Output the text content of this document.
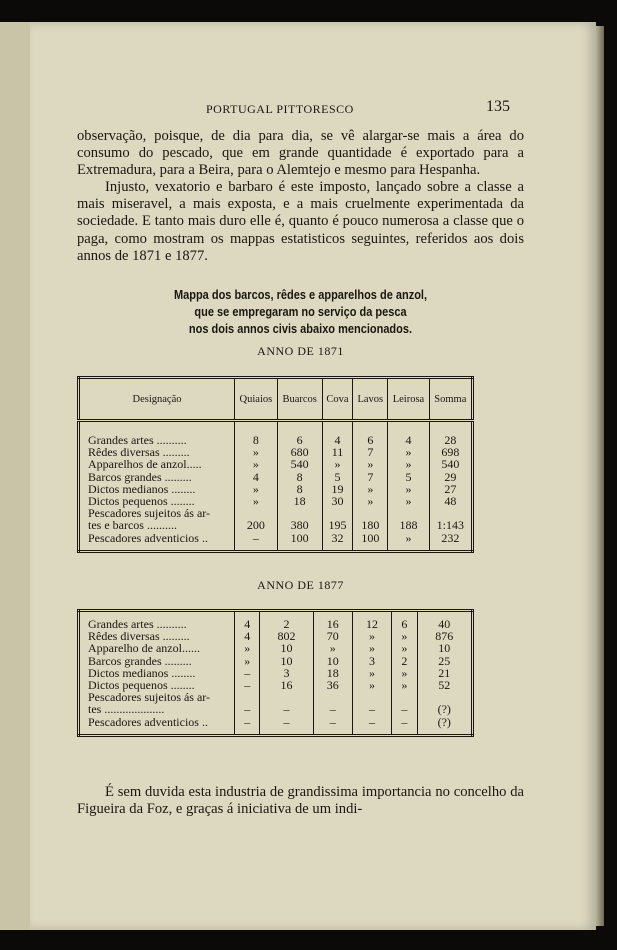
PORTUGAL PITTORESCO	135

observação, poisque, de dia para dia, se vê alargar-se mais a área do consumo do pescado, que em grande quantidade é exportado para a Extremadura, para a Beira, para o Alemtejo e mesmo para Hespanha.

Injusto, vexatorio e barbaro é este imposto, lançado sobre a classe a mais miseravel, a mais exposta, e a mais cruelmente experimentada da sociedade. E tanto mais duro elle é, quanto é pouco numerosa a classe que o paga, como mostram os mappas estatisticos seguintes, referidos aos dois annos de 1871 e 1877.

Mappa dos barcos, rêdes e apparelhos de anzol,
que se empregaram no serviço da pesca
nos dois annos civis abaixo mencionados.
ANNO DE 1871
Designação	Quiaios	Buarcos	Cova	Lavos	Leirosa	Somma

Grandes artes ..........	8	6	4	6	4	28
Rêdes diversas .........	»	680	11	7	»	698
Apparelhos de anzol.....	»	540	»	»	»	540
Barcos grandes .........	4	8	5	7	5	29
Dictos medianos ........	»	8	19	»	»	27
Dictos pequenos ........	»	18	30	»	»	48
Pescadores sujeitos ás ar-						
tes e barcos ..........	200	380	195	180	188	1:143
Pescadores adventicios ..	–	100	32	100	»	232

ANNO DE 1877

Grandes artes ..........	4	2	16	12	6	40
Rêdes diversas .........	4	802	70	»	»	876
Apparelho de anzol......	»	10	»	»	»	10
Barcos grandes .........	»	10	10	3	2	25
Dictos medianos ........	–	3	18	»	»	21
Dictos pequenos ........	–	16	36	»	»	52
Pescadores sujeitos ás ar-						
tes ....................	–	–	–	–	–	(?)
Pescadores adventicios ..	–	–	–	–	–	(?)

É sem duvida esta industria de grandissima importancia no concelho da Figueira da Foz, e graças á iniciativa de um indi-
